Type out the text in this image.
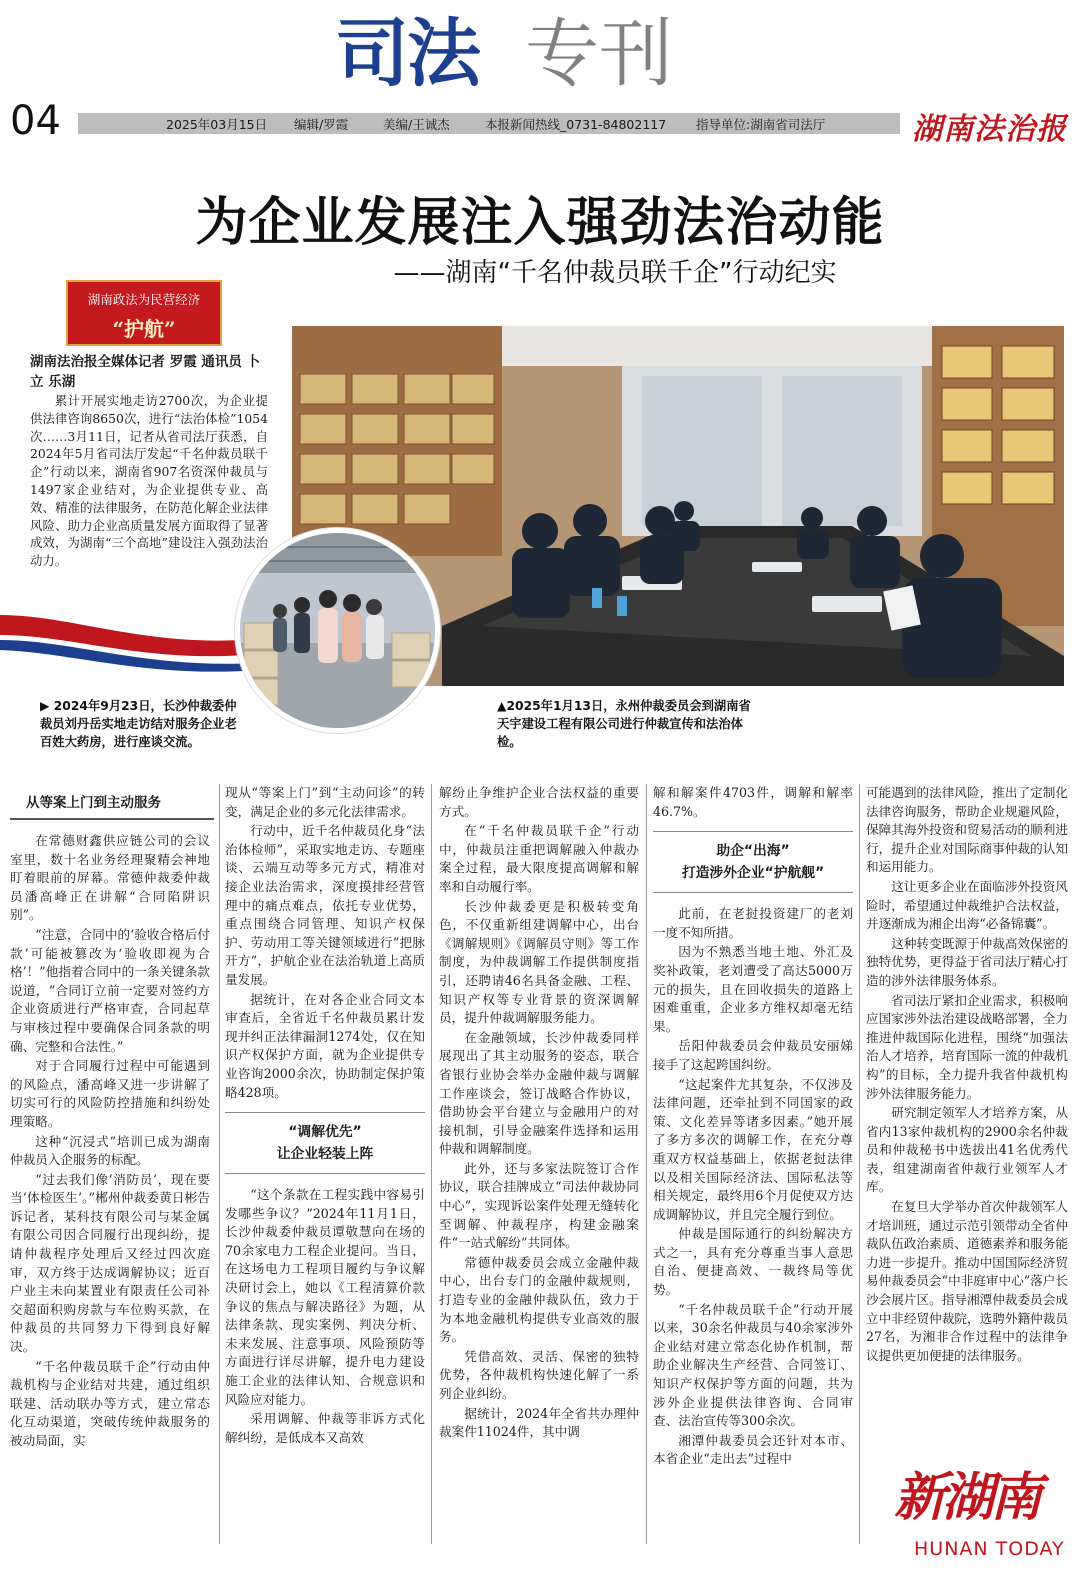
司法 专刊
04	2025年03月15日 编辑/罗霞	美编/王诚杰	本报新闻热线_0731-84802117 指导单位:湖南省司法厅	湖南法治报
为企业发展注入强劲法治动能
——湖南“千名仲裁员联千企”行动纪实
湖南政法为民营经济
“护航”
湖南法治报全媒体记者 罗霞 通讯员 卜立 乐湖
累计开展实地走访2700次，为企业提供法律咨询8650次，进行“法治体检”1054次……3月11日，记者从省司法厅获悉，自2024年5月省司法厅发起“千名仲裁员联千企”行动以来，湖南省907名资深仲裁员与1497家企业结对，为企业提供专业、高效、精准的法律服务，在防范化解企业法律风险、助力企业高质量发展方面取得了显著成效，为湖南“三个高地”建设注入强劲法治动力。
▶ 2024年9月23日，长沙仲裁委仲裁员刘丹岳实地走访结对服务企业老百姓大药房，进行座谈交流。
▲2025年1月13日，永州仲裁委员会到湖南省天宇建设工程有限公司进行仲裁宣传和法治体检。
从等案上门到主动服务

在常德财鑫供应链公司的会议室里，数十名业务经理聚精会神地盯着眼前的屏幕。常德仲裁委仲裁员潘高峰正在讲解“合同陷阱识别”。

“注意，合同中的‘验收合格后付款’可能被篡改为‘验收即视为合格’！”他指着合同中的一条关键条款说道，“合同订立前一定要对签约方企业资质进行严格审查，合同起草与审核过程中要确保合同条款的明确、完整和合法性。”

对于合同履行过程中可能遇到的风险点，潘高峰又进一步讲解了切实可行的风险防控措施和纠纷处理策略。

这种“沉浸式”培训已成为湖南仲裁员入企服务的标配。

“过去我们像‘消防员’，现在要当‘体检医生’。”郴州仲裁委黄日彬告诉记者，某科技有限公司与某金属有限公司因合同履行出现纠纷，提请仲裁程序处理后又经过四次庭审，双方终于达成调解协议；近百户业主未向某置业有限责任公司补交超面积购房款与车位购买款，在仲裁员的共同努力下得到良好解决。

“千名仲裁员联千企”行动由仲裁机构与企业结对共建，通过组织联建、活动联办等方式，建立常态化互动渠道，突破传统仲裁服务的被动局面，实

现从“等案上门”到“主动问诊”的转变，满足企业的多元化法律需求。

行动中，近千名仲裁员化身“法治体检师”，采取实地走访、专题座谈、云端互动等多元方式，精准对接企业法治需求，深度摸排经营管理中的痛点难点，依托专业优势，重点围绕合同管理、知识产权保护、劳动用工等关键领域进行“把脉开方”，护航企业在法治轨道上高质量发展。

据统计，在对各企业合同文本审查后，全省近千名仲裁员累计发现并纠正法律漏洞1274处，仅在知识产权保护方面，就为企业提供专业咨询2000余次，协助制定保护策略428项。

“调解优先”
让企业轻装上阵

“这个条款在工程实践中容易引发哪些争议？”2024年11月1日，长沙仲裁委仲裁员谭敬慧向在场的70余家电力工程企业提问。当日，在这场电力工程项目履约与争议解决研讨会上，她以《工程清算价款争议的焦点与解决路径》为题，从法律条款、现实案例、判决分析、未来发展、注意事项、风险预防等方面进行详尽讲解，提升电力建设施工企业的法律认知、合规意识和风险应对能力。

采用调解、仲裁等非诉方式化解纠纷，是低成本又高效

解纷止争维护企业合法权益的重要方式。

在“千名仲裁员联千企”行动中，仲裁员注重把调解融入仲裁办案全过程，最大限度提高调解和解率和自动履行率。

长沙仲裁委更是积极转变角色，不仅重新组建调解中心，出台《调解规则》《调解员守则》等工作制度，为仲裁调解工作提供制度指引，还聘请46名具备金融、工程、知识产权等专业背景的资深调解员，提升仲裁调解服务能力。

在金融领域，长沙仲裁委同样展现出了其主动服务的姿态，联合省银行业协会举办金融仲裁与调解工作座谈会，签订战略合作协议，借助协会平台建立与金融用户的对接机制，引导金融案件选择和运用仲裁和调解制度。

此外，还与多家法院签订合作协议，联合挂牌成立“司法仲裁协同中心”，实现诉讼案件处理无缝转化至调解、仲裁程序，构建金融案件“一站式解纷”共同体。

常德仲裁委员会成立金融仲裁中心，出台专门的金融仲裁规则，打造专业的金融仲裁队伍，致力于为本地金融机构提供专业高效的服务。

凭借高效、灵活、保密的独特优势，各仲裁机构快速化解了一系列企业纠纷。

据统计，2024年全省共办理仲裁案件11024件，其中调

解和解案件4703件，调解和解率46.7%。

助企“出海”
打造涉外企业“护航舰”

此前，在老挝投资建厂的老刘一度不知所措。

因为不熟悉当地土地、外汇及奖补政策，老刘遭受了高达5000万元的损失，且在回收损失的道路上困难重重，企业多方维权却毫无结果。

岳阳仲裁委员会仲裁员安丽娣接手了这起跨国纠纷。

“这起案件尤其复杂，不仅涉及法律问题，还牵扯到不同国家的政策、文化差异等诸多因素。”她开展了多方多次的调解工作，在充分尊重双方权益基础上，依据老挝法律以及相关国际经济法、国际私法等相关规定，最终用6个月促使双方达成调解协议，并且完全履行到位。

仲裁是国际通行的纠纷解决方式之一，具有充分尊重当事人意思自治、便捷高效、一裁终局等优势。

“千名仲裁员联千企”行动开展以来，30余名仲裁员与40余家涉外企业结对建立常态化协作机制，帮助企业解决生产经营、合同签订、知识产权保护等方面的问题，共为涉外企业提供法律咨询、合同审查、法治宣传等300余次。

湘潭仲裁委员会还针对本市、本省企业“走出去”过程中

可能遇到的法律风险，推出了定制化法律咨询服务，帮助企业规避风险，保障其海外投资和贸易活动的顺利进行，提升企业对国际商事仲裁的认知和运用能力。

这让更多企业在面临涉外投资风险时，希望通过仲裁维护合法权益，并逐渐成为湘企出海“必备锦囊”。

这种转变既源于仲裁高效保密的独特优势，更得益于省司法厅精心打造的涉外法律服务体系。

省司法厅紧扣企业需求，积极响应国家涉外法治建设战略部署，全力推进仲裁国际化进程，围绕“加强法治人才培养，培育国际一流的仲裁机构”的目标，全力提升我省仲裁机构涉外法律服务能力。

研究制定领军人才培养方案，从省内13家仲裁机构的2900余名仲裁员和仲裁秘书中选拔出41名优秀代表，组建湖南省仲裁行业领军人才库。

在复旦大学举办首次仲裁领军人才培训班，通过示范引领带动全省仲裁队伍政治素质、道德素养和服务能力进一步提升。推动中国国际经济贸易仲裁委员会“中非庭审中心”落户长沙会展片区。指导湘潭仲裁委员会成立中非经贸仲裁院，选聘外籍仲裁员27名，为湘非合作过程中的法律争议提供更加便捷的法律服务。

新湖南
HUNAN TODAY
